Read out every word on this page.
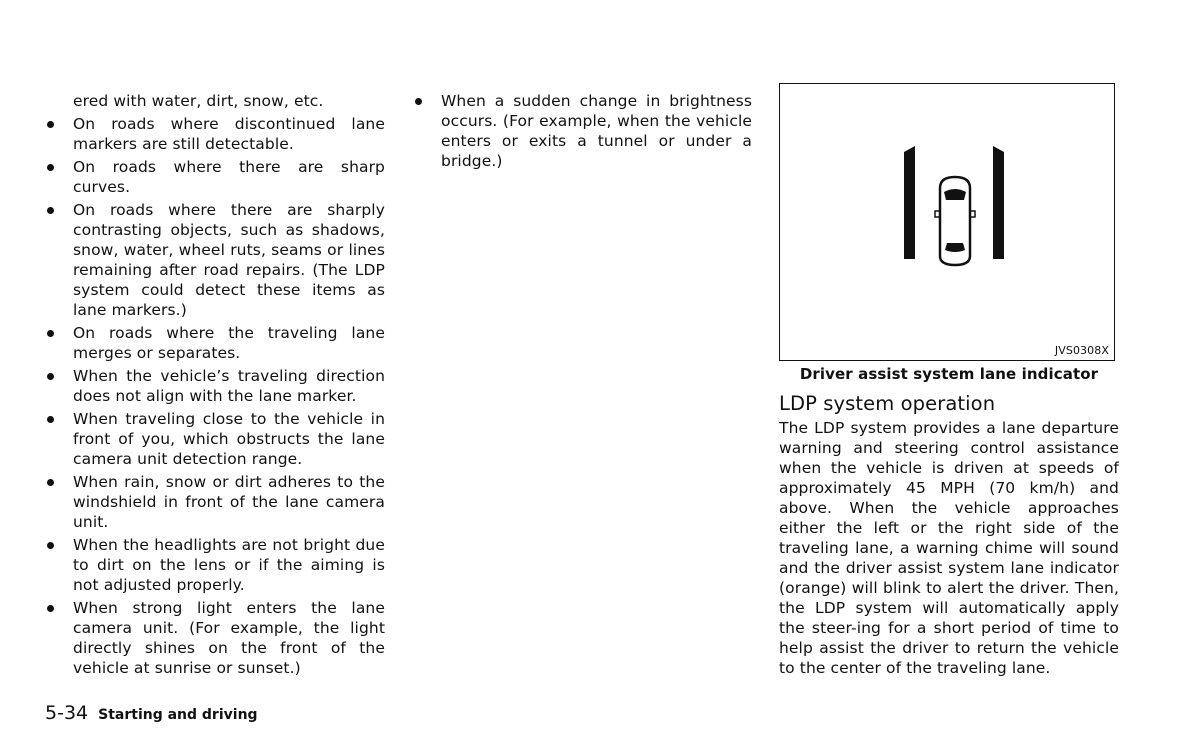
ered with water, dirt, snow, etc.

On roads where discontinued lane markers are still detectable.
On roads where there are sharp curves.
On roads where there are sharply contrasting objects, such as shadows, snow, water, wheel ruts, seams or lines remaining after road repairs. (The LDP system could detect these items as lane markers.)
On roads where the traveling lane merges or separates.
When the vehicle’s traveling direction does not align with the lane marker.
When traveling close to the vehicle in front of you, which obstructs the lane camera unit detection range.
When rain, snow or dirt adheres to the windshield in front of the lane camera unit.
When the headlights are not bright due to dirt on the lens or if the aiming is not adjusted properly.
When strong light enters the lane camera unit. (For example, the light directly shines on the front of the vehicle at sunrise or sunset.)
When a sudden change in brightness occurs. (For example, when the vehicle enters or exits a tunnel or under a bridge.)
JVS0308X
Driver assist system lane indicator
LDP system operation

The LDP system provides a lane departure warning and steering control assistance when the vehicle is driven at speeds of approximately 45 MPH (70 km/h) and above. When the vehicle approaches either the left or the right side of the traveling lane, a warning chime will sound and the driver assist system lane indicator (orange) will blink to alert the driver. Then, the LDP system will automatically apply the steer-ing for a short period of time to help assist the driver to return the vehicle to the center of the traveling lane.

5-34 Starting and driving
